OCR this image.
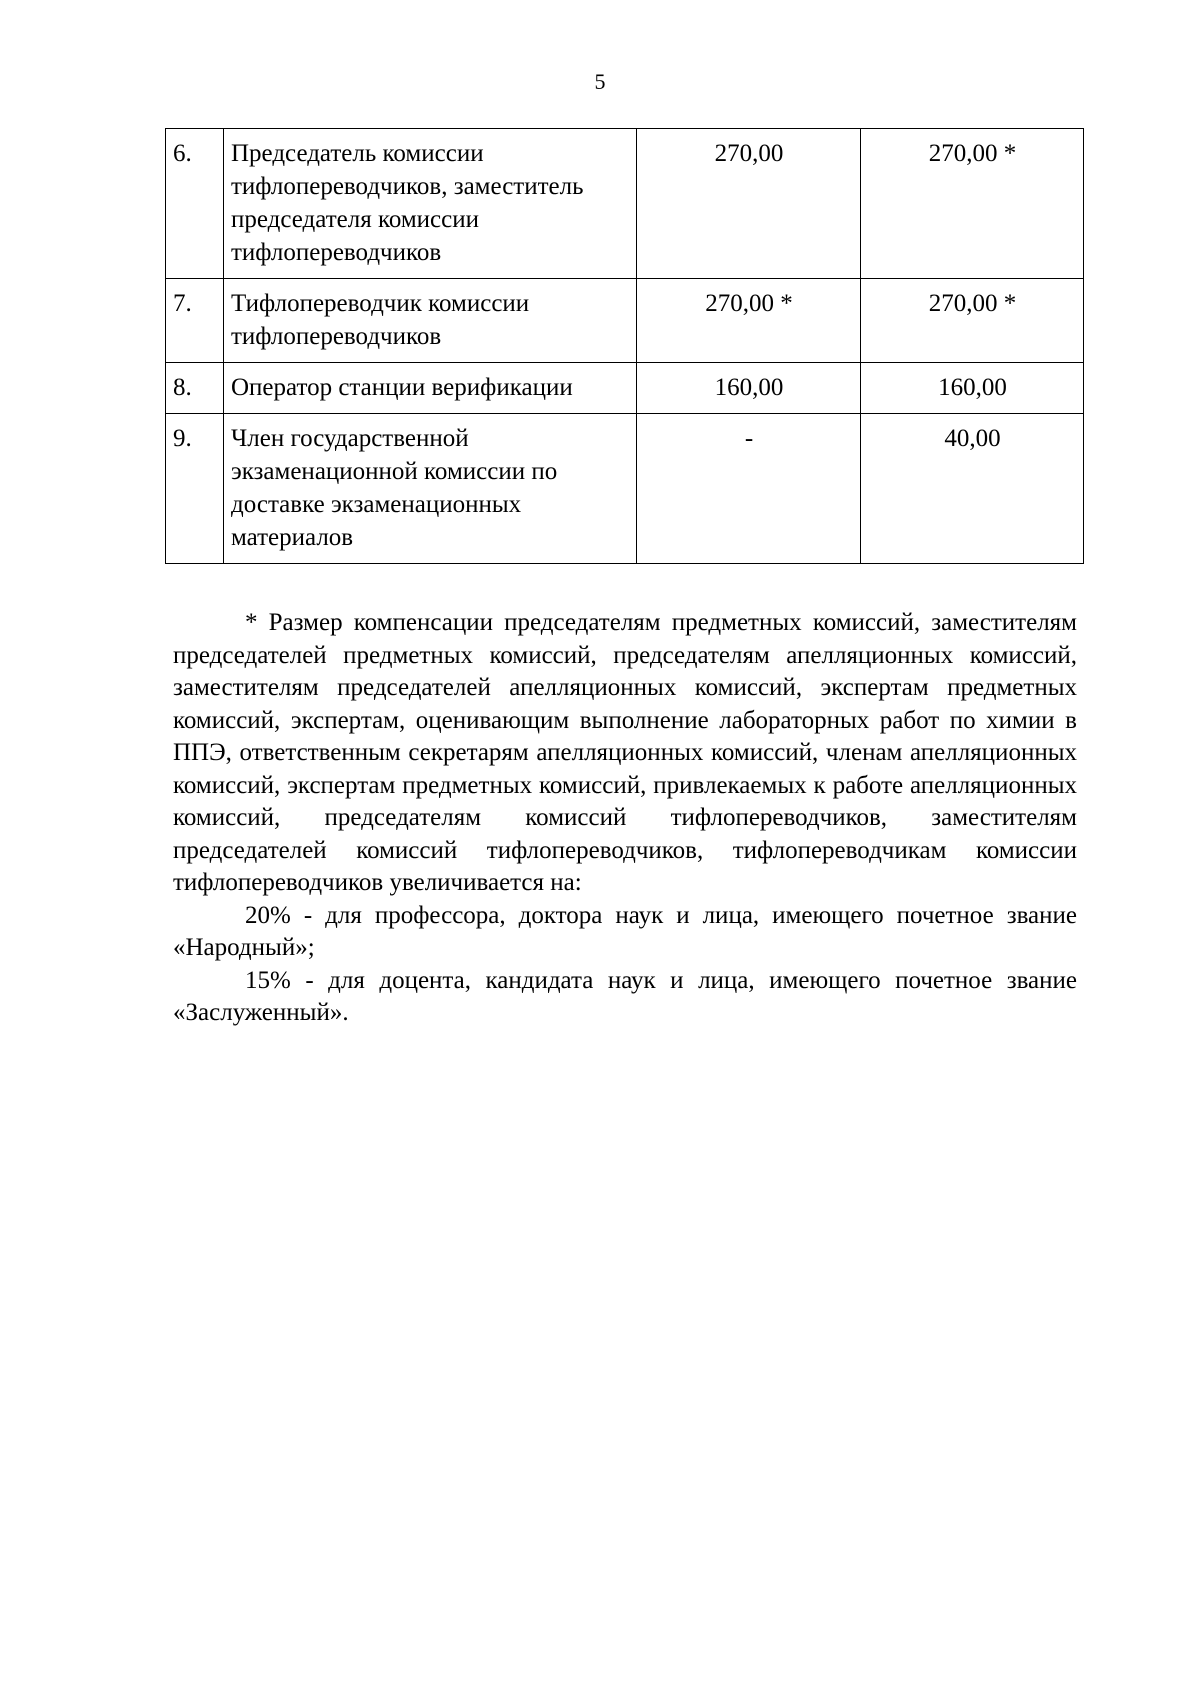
5
6.	Председатель комиссии тифлопереводчиков, заместитель председателя комиссии тифлопереводчиков	270,00	270,00 *
7.	Тифлопереводчик комиссии тифлопереводчиков	270,00 *	270,00 *
8.	Оператор станции верификации	160,00	160,00
9.	Член государственной экзаменационной комиссии по доставке экзаменационных материалов	-	40,00

* Размер компенсации председателям предметных комиссий, заместителям председателей предметных комиссий, председателям апелляционных комиссий, заместителям председателей апелляционных комиссий, экспертам предметных комиссий, экспертам, оценивающим выполнение лабораторных работ по химии в ППЭ, ответственным секретарям апелляционных комиссий, членам апелляционных комиссий, экспертам предметных комиссий, привлекаемых к работе апелляционных комиссий, председателям комиссий тифлопереводчиков, заместителям председателей комиссий тифлопереводчиков, тифлопереводчикам комиссии тифлопереводчиков увеличивается на:

20% - для профессора, доктора наук и лица, имеющего почетное звание «Народный»;

15% - для доцента, кандидата наук и лица, имеющего почетное звание «Заслуженный».
